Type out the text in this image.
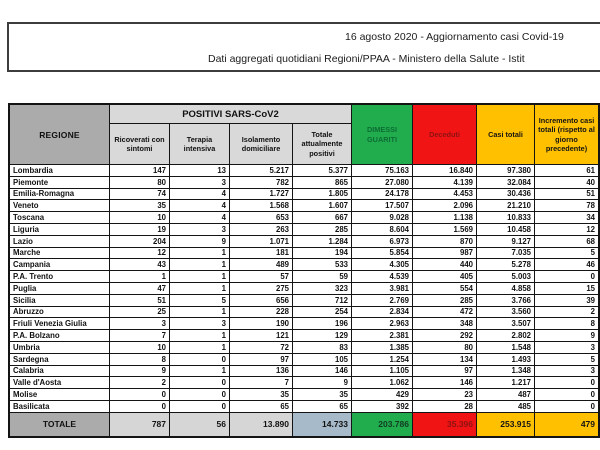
16 agosto 2020 - Aggiornamento casi Covid-19
Dati aggregati quotidiani Regioni/PPAA - Ministero della Salute - Istit
REGIONE
POSITIVI SARS-CoV2
Ricoverati con sintomi
Terapia intensiva
Isolamento domiciliare
Totale attualmente positivi
DIMESSI GUARITI
Deceduti	Casi totali
Incremento casi totali (rispetto al giorno precedente)
Lombardia	147	13	5.217	5.377	75.163	16.840	97.380	61
Piemonte	80	3	782	865	27.080	4.139	32.084	40
Emilia-Romagna	74	4	1.727	1.805	24.178	4.453	30.436	51
Veneto	35	4	1.568	1.607	17.507	2.096	21.210	78
Toscana	10	4	653	667	9.028	1.138	10.833	34
Liguria	19	3	263	285	8.604	1.569	10.458	12
Lazio	204	9	1.071	1.284	6.973	870	9.127	68
Marche	12	1	181	194	5.854	987	7.035	5
Campania	43	1	489	533	4.305	440	5.278	46
P.A. Trento	1	1	57	59	4.539	405	5.003	0
Puglia	47	1	275	323	3.981	554	4.858	15
Sicilia	51	5	656	712	2.769	285	3.766	39
Abruzzo	25	1	228	254	2.834	472	3.560	2
Friuli Venezia Giulia	3	3	190	196	2.963	348	3.507	8
P.A. Bolzano	7	1	121	129	2.381	292	2.802	9
Umbria	10	1	72	83	1.385	80	1.548	3
Sardegna	8	0	97	105	1.254	134	1.493	5
Calabria	9	1	136	146	1.105	97	1.348	3
Valle d'Aosta	2	0	7	9	1.062	146	1.217	0
Molise	0	0	35	35	429	23	487	0
Basilicata	0	0	65	65	392	28	485	0
TOTALE	787	56	13.890	14.733	203.786	35.396	253.915	479
